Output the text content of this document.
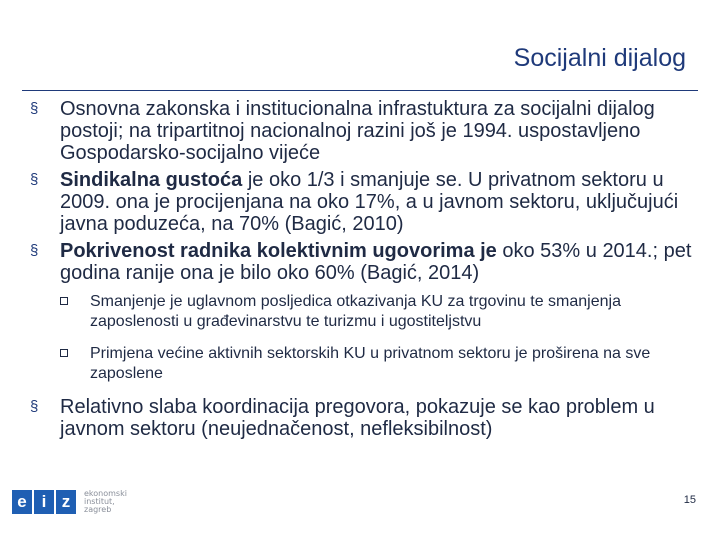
Socijalni dijalog

§	Osnovna zakonska i institucionalna infrastuktura za socijalni dijalog postoji; na tripartitnoj nacionalnoj razini još je 1994. uspostavljeno Gospodarsko-socijalno vijeće

§	Sindikalna gustoća je oko 1/3 i smanjuje se. U privatnom sektoru u 2009. ona je procijenjana na oko 17%, a u javnom sektoru, uključujući javna poduzeća, na 70% (Bagić, 2010)

§	Pokrivenost radnika kolektivnim ugovorima je oko 53% u 2014.; pet godina ranije ona je bilo oko 60% (Bagić, 2014)

Smanjenje je uglavnom posljedica otkazivanja KU za trgovinu te smanjenja zaposlenosti u građevinarstvu te turizmu i ugostiteljstvu

Primjena većine aktivnih sektorskih KU u privatnom sektoru je proširena na sve zaposlene

§	Relativno slaba koordinacija pregovora, pokazuje se kao problem u javnom sektoru (neujednačenost, nefleksibilnost)

e i z	ekonomski
institut,
zagreb
15
